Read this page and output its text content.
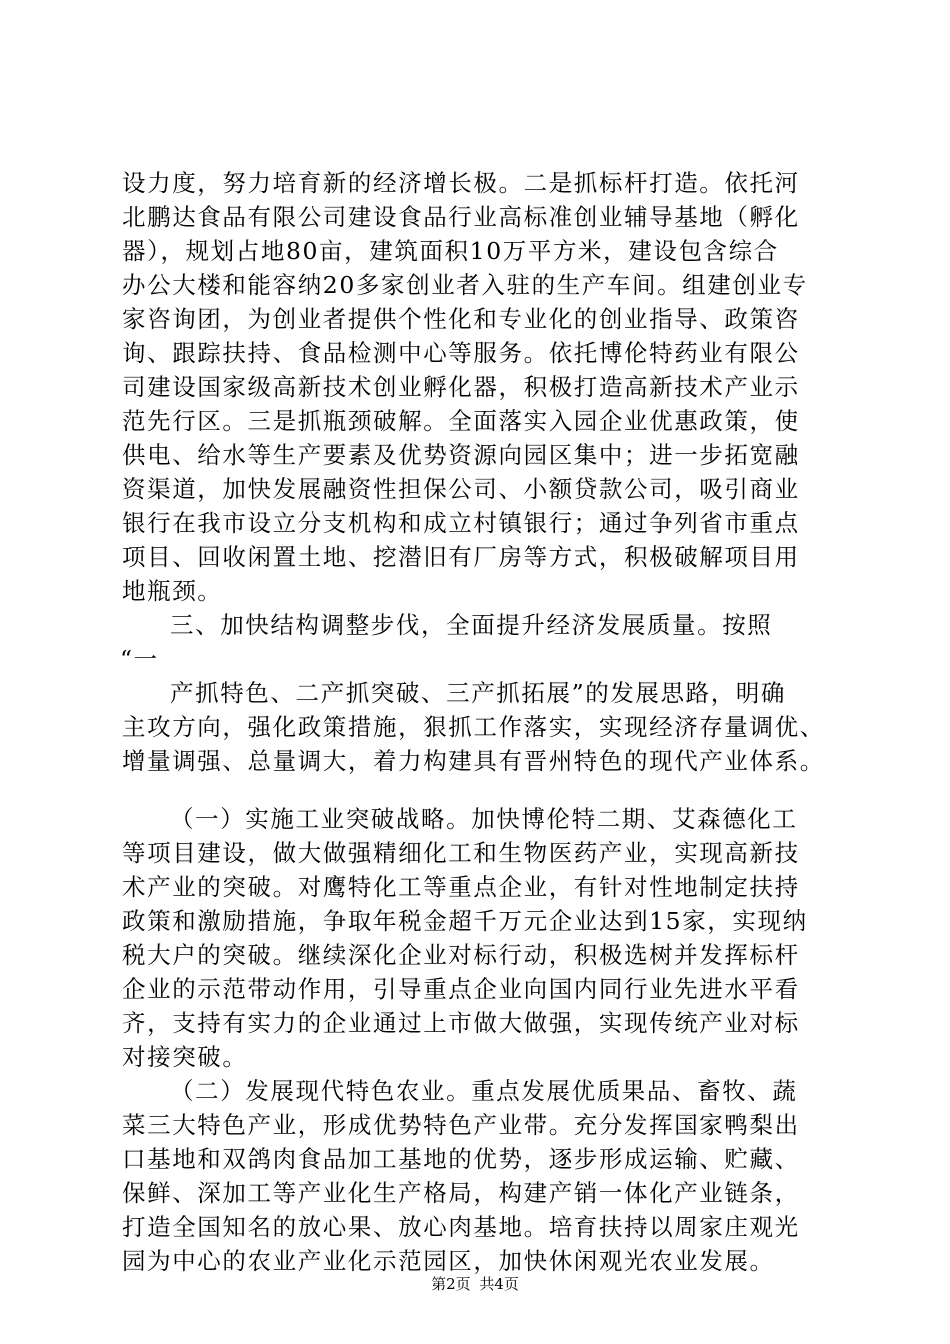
设力度，努力培育新的经济增长极。二是抓标杆打造。依托河
北鹏达食品有限公司建设食品行业高标准创业辅导基地（孵化
器），规划占地80亩，建筑面积10万平方米，建设包含综合
办公大楼和能容纳20多家创业者入驻的生产车间。组建创业专
家咨询团，为创业者提供个性化和专业化的创业指导、政策咨
询、跟踪扶持、食品检测中心等服务。依托博伦特药业有限公
司建设国家级高新技术创业孵化器，积极打造高新技术产业示
范先行区。三是抓瓶颈破解。全面落实入园企业优惠政策，使
供电、给水等生产要素及优势资源向园区集中；进一步拓宽融
资渠道，加快发展融资性担保公司、小额贷款公司，吸引商业
银行在我市设立分支机构和成立村镇银行；通过争列省市重点
项目、回收闲置土地、挖潜旧有厂房等方式，积极破解项目用
地瓶颈。
三、加快结构调整步伐，全面提升经济发展质量。按照
“一
产抓特色、二产抓突破、三产抓拓展”的发展思路，明确
主攻方向，强化政策措施，狠抓工作落实，实现经济存量调优、
增量调强、总量调大，着力构建具有晋州特色的现代产业体系。
（一）实施工业突破战略。加快博伦特二期、艾森德化工
等项目建设，做大做强精细化工和生物医药产业，实现高新技
术产业的突破。对鹰特化工等重点企业，有针对性地制定扶持
政策和激励措施，争取年税金超千万元企业达到15家，实现纳
税大户的突破。继续深化企业对标行动，积极选树并发挥标杆
企业的示范带动作用，引导重点企业向国内同行业先进水平看
齐，支持有实力的企业通过上市做大做强，实现传统产业对标
对接突破。
（二）发展现代特色农业。重点发展优质果品、畜牧、蔬
菜三大特色产业，形成优势特色产业带。充分发挥国家鸭梨出
口基地和双鸽肉食品加工基地的优势，逐步形成运输、贮藏、
保鲜、深加工等产业化生产格局，构建产销一体化产业链条，
打造全国知名的放心果、放心肉基地。培育扶持以周家庄观光
园为中心的农业产业化示范园区，加快休闲观光农业发展。
第2页 共4页
